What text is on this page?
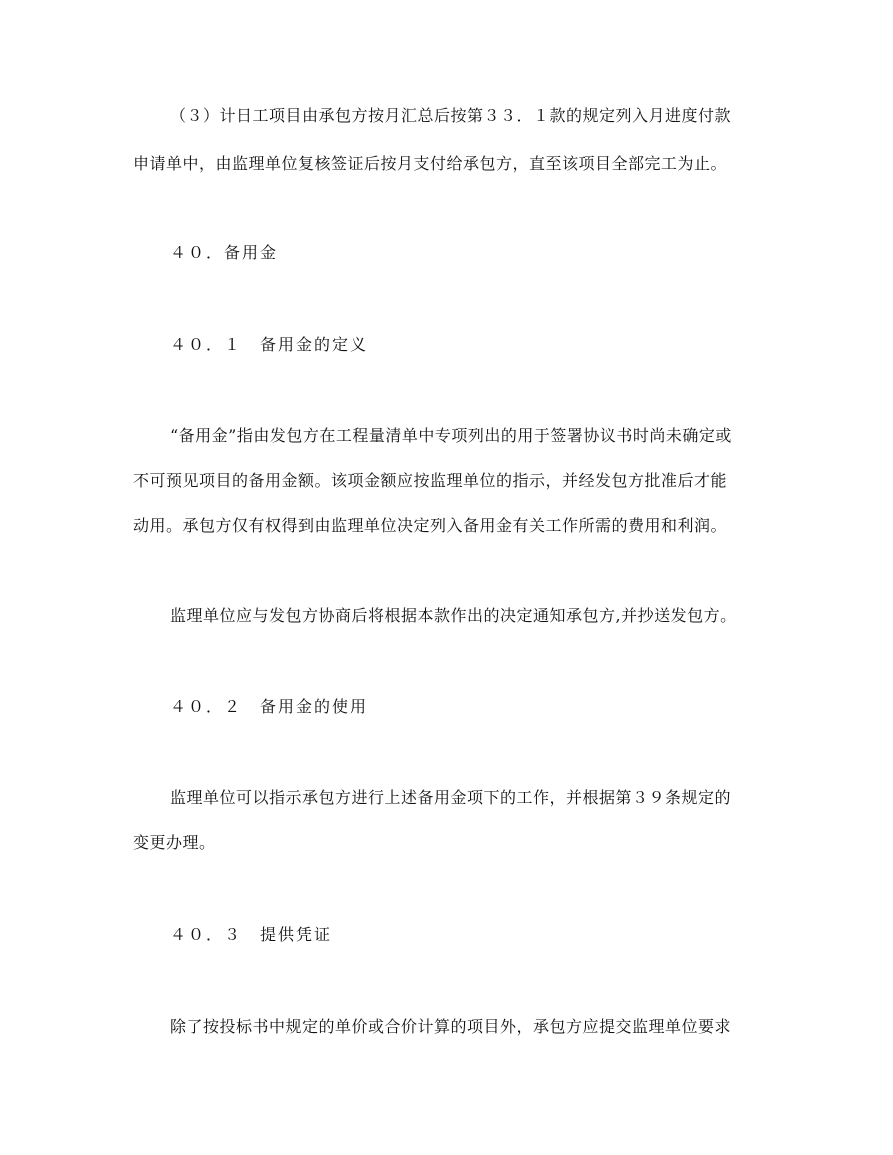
（３）计日工项目由承包方按月汇总后按第３３．１款的规定列入月进度付款
申请单中，由监理单位复核签证后按月支付给承包方，直至该项目全部完工为止。
４０．备用金
４０．１　备用金的定义
“备用金”指由发包方在工程量清单中专项列出的用于签署协议书时尚未确定或
不可预见项目的备用金额。该项金额应按监理单位的指示，并经发包方批准后才能
动用。承包方仅有权得到由监理单位决定列入备用金有关工作所需的费用和利润。
监理单位应与发包方协商后将根据本款作出的决定通知承包方,并抄送发包方。
４０．２　备用金的使用
监理单位可以指示承包方进行上述备用金项下的工作，并根据第３９条规定的
变更办理。
４０．３　提供凭证
除了按投标书中规定的单价或合价计算的项目外，承包方应提交监理单位要求
